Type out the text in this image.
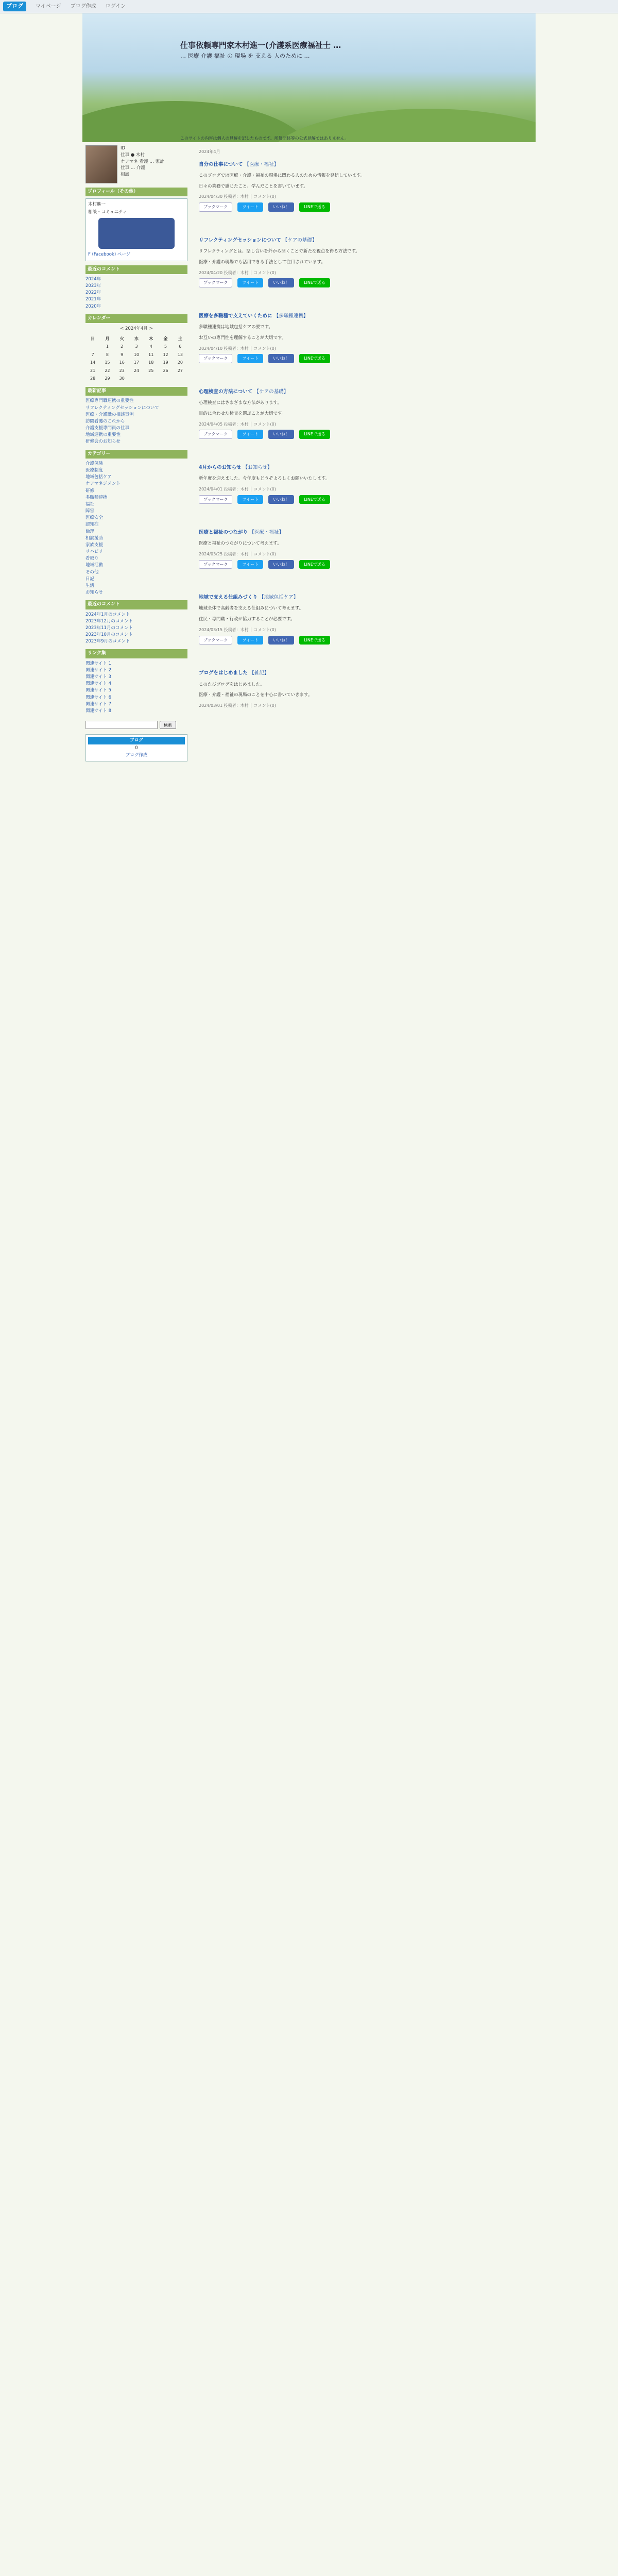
ブログ	マイページ ブログ作成 ログイン
仕事依頼専門家木村進一(介護系医療福祉士 …
… 医療 介護 福祉 の 現場 を 支える 人のために …
このサイトの内容は個人の見解を記したものです。所属団体等の公式見解ではありません。
ID
仕事 ● 木村
ケアマネ 看護 … 家計
仕事 … 介護
相談
プロフィール（その他）
木村進一
相談・コミュニティ
F (Facebook) ページ
最近のコメント
2024年
2023年
2022年
2021年
2020年
カレンダー
< 2024年4月 >
日	月	火	水	木	金	土
	1	2	3	4	5	6
7	8	9	10	11	12	13
14	15	16	17	18	19	20
21	22	23	24	25	26	27
28	29	30				
最新記事
医療専門職連携の重要性
リフレクティングセッションについて
医療・介護職の相談事例
訪問看護のこれから
介護支援専門員の仕事
地域連携の重要性
研修会のお知らせ
カテゴリー
介護保険
医療制度
地域包括ケア
ケアマネジメント
研修
多職種連携
福祉
障害
医療安全
認知症
倫理
相談援助
家族支援
リハビリ
看取り
地域活動
その他
日記
生活
お知らせ
最近のコメント
2024年1月のコメント
2023年12月のコメント
2023年11月のコメント
2023年10月のコメント
2023年9月のコメント
リンク集
関連サイト 1
関連サイト 2
関連サイト 3
関連サイト 4
関連サイト 5
関連サイト 6
関連サイト 7
関連サイト 8
検索
ブログ
0
ブログ作成
2024年4月
自分の仕事について 【医療・福祉】

このブログでは医療・介護・福祉の現場に関わる人のための情報を発信しています。

日々の業務で感じたこと、学んだことを書いています。

2024/04/30 投稿者：木村 │ コメント(0)
ブックマーク	ツイート	いいね！	LINEで送る
リフレクティングセッションについて 【ケアの基礎】

リフレクティングとは、話し合いを外から聞くことで新たな視点を得る方法です。

医療・介護の現場でも活用できる手法として注目されています。

2024/04/20 投稿者：木村 │ コメント(0)
ブックマーク	ツイート	いいね！	LINEで送る
医療を多職種で支えていくために 【多職種連携】

多職種連携は地域包括ケアの要です。

お互いの専門性を理解することが大切です。

2024/04/10 投稿者：木村 │ コメント(0)
ブックマーク	ツイート	いいね！	LINEで送る
心理検査の方法について 【ケアの基礎】

心理検査にはさまざまな方法があります。

目的に合わせた検査を選ぶことが大切です。

2024/04/05 投稿者：木村 │ コメント(0)
ブックマーク	ツイート	いいね！	LINEで送る
4月からのお知らせ 【お知らせ】

新年度を迎えました。今年度もどうぞよろしくお願いいたします。

2024/04/01 投稿者：木村 │ コメント(0)
ブックマーク	ツイート	いいね！	LINEで送る
医療と福祉のつながり 【医療・福祉】

医療と福祉のつながりについて考えます。

2024/03/25 投稿者：木村 │ コメント(0)
ブックマーク	ツイート	いいね！	LINEで送る
地域で支える仕組みづくり 【地域包括ケア】

地域全体で高齢者を支える仕組みについて考えます。

住民・専門職・行政が協力することが必要です。

2024/03/15 投稿者：木村 │ コメント(0)
ブックマーク	ツイート	いいね！	LINEで送る
ブログをはじめました 【雑記】

このたびブログをはじめました。

医療・介護・福祉の現場のことを中心に書いていきます。

2024/03/01 投稿者：木村 │ コメント(0)
